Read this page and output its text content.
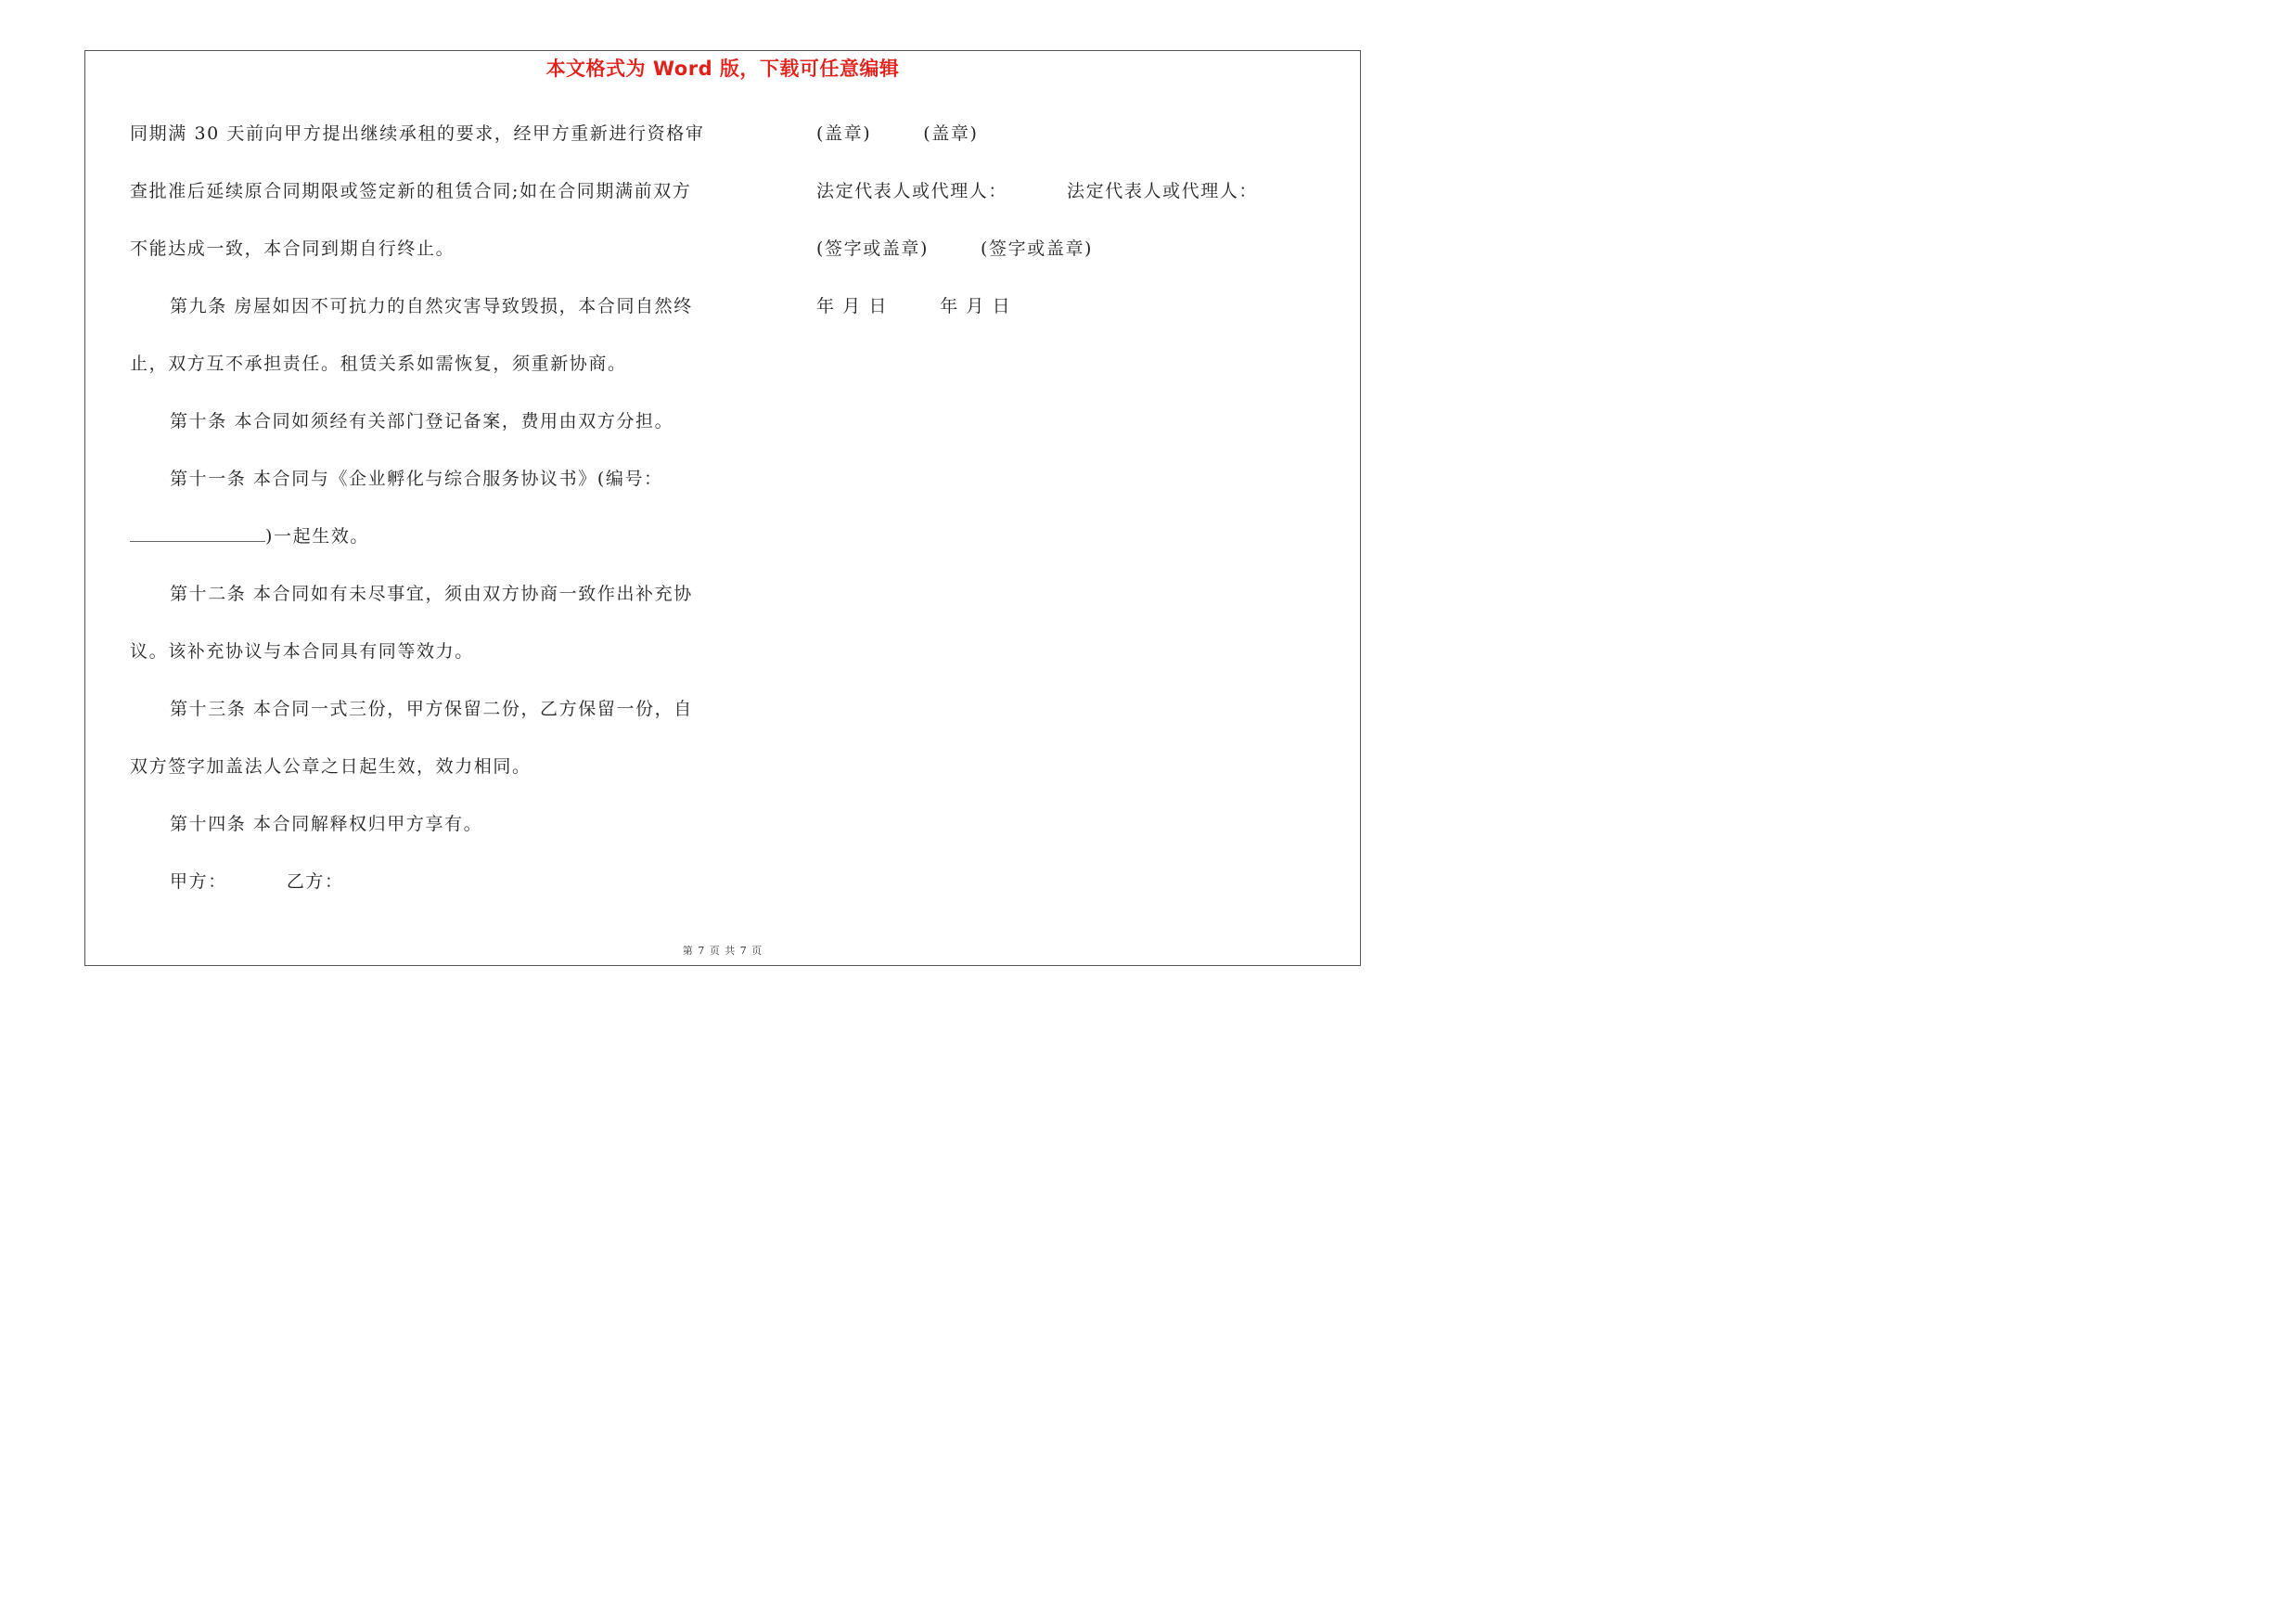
本文格式为 Word 版，下载可任意编辑
同期满 30 天前向甲方提出继续承租的要求，经甲方重新进行资格审
查批准后延续原合同期限或签定新的租赁合同;如在合同期满前双方
不能达成一致，本合同到期自行终止。
第九条 房屋如因不可抗力的自然灾害导致毁损，本合同自然终
止，双方互不承担责任。租赁关系如需恢复，须重新协商。
第十条 本合同如须经有关部门登记备案，费用由双方分担。
第十一条 本合同与《企业孵化与综合服务协议书》(编号：
)一起生效。
第十二条 本合同如有未尽事宜，须由双方协商一致作出补充协
议。该补充协议与本合同具有同等效力。
第十三条 本合同一式三份，甲方保留二份，乙方保留一份，自
双方签字加盖法人公章之日起生效，效力相同。
第十四条 本合同解释权归甲方享有。
甲方：	乙方：
(盖章)	(盖章)
法定代表人或代理人：	法定代表人或代理人：
(签字或盖章)	(签字或盖章)
年 月 日	年 月 日
第 7 页 共 7 页
